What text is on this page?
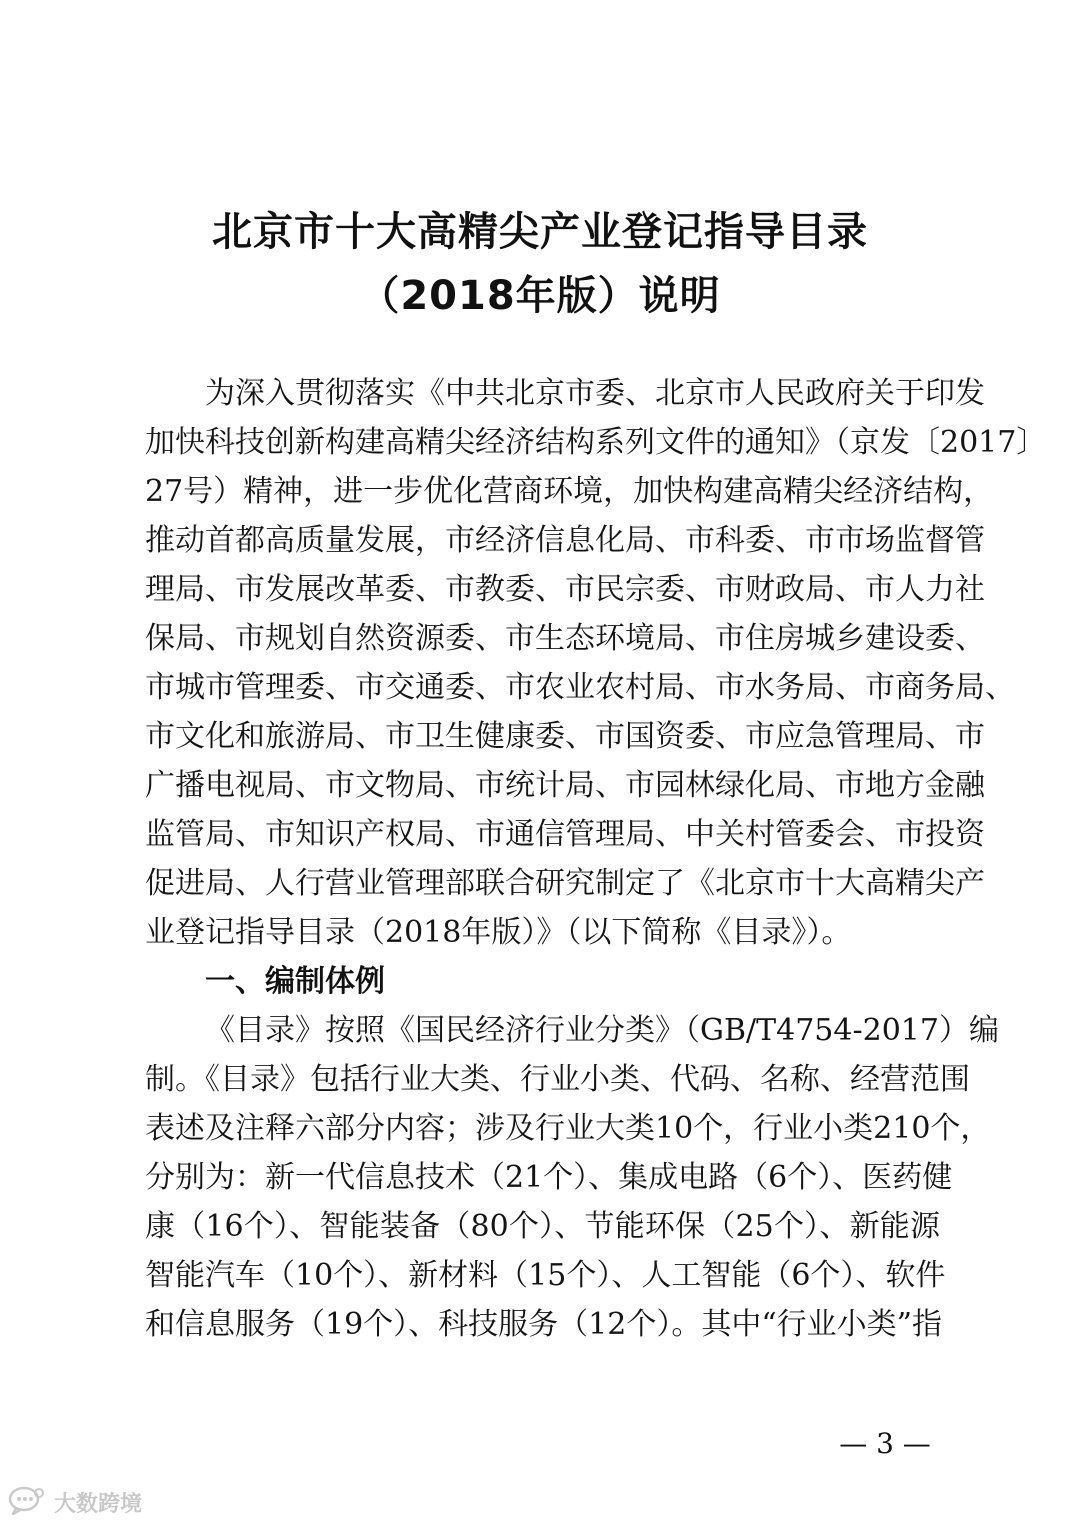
北京市十大高精尖产业登记指导目录
（2018年版）说明
为深入贯彻落实《中共北京市委、北京市人民政府关于印发
加快科技创新构建高精尖经济结构系列文件的通知》（京发〔2017〕
27号）精神，进一步优化营商环境，加快构建高精尖经济结构，
推动首都高质量发展，市经济信息化局、市科委、市市场监督管
理局、市发展改革委、市教委、市民宗委、市财政局、市人力社
保局、市规划自然资源委、市生态环境局、市住房城乡建设委、
市城市管理委、市交通委、市农业农村局、市水务局、市商务局、
市文化和旅游局、市卫生健康委、市国资委、市应急管理局、市
广播电视局、市文物局、市统计局、市园林绿化局、市地方金融
监管局、市知识产权局、市通信管理局、中关村管委会、市投资
促进局、人行营业管理部联合研究制定了《北京市十大高精尖产
业登记指导目录（2018年版）》（以下简称《目录》）。
一、编制体例
《目录》按照《国民经济行业分类》（GB/T4754-2017）编
制。《目录》包括行业大类、行业小类、代码、名称、经营范围
表述及注释六部分内容；涉及行业大类10个，行业小类210个，
分别为：新一代信息技术（21个）、集成电路（6个）、医药健
康（16个）、智能装备（80个）、节能环保（25个）、新能源
智能汽车（10个）、新材料（15个）、人工智能（6个）、软件
和信息服务（19个）、科技服务（12个）。其中“行业小类”指
— 3 —
大数跨境
